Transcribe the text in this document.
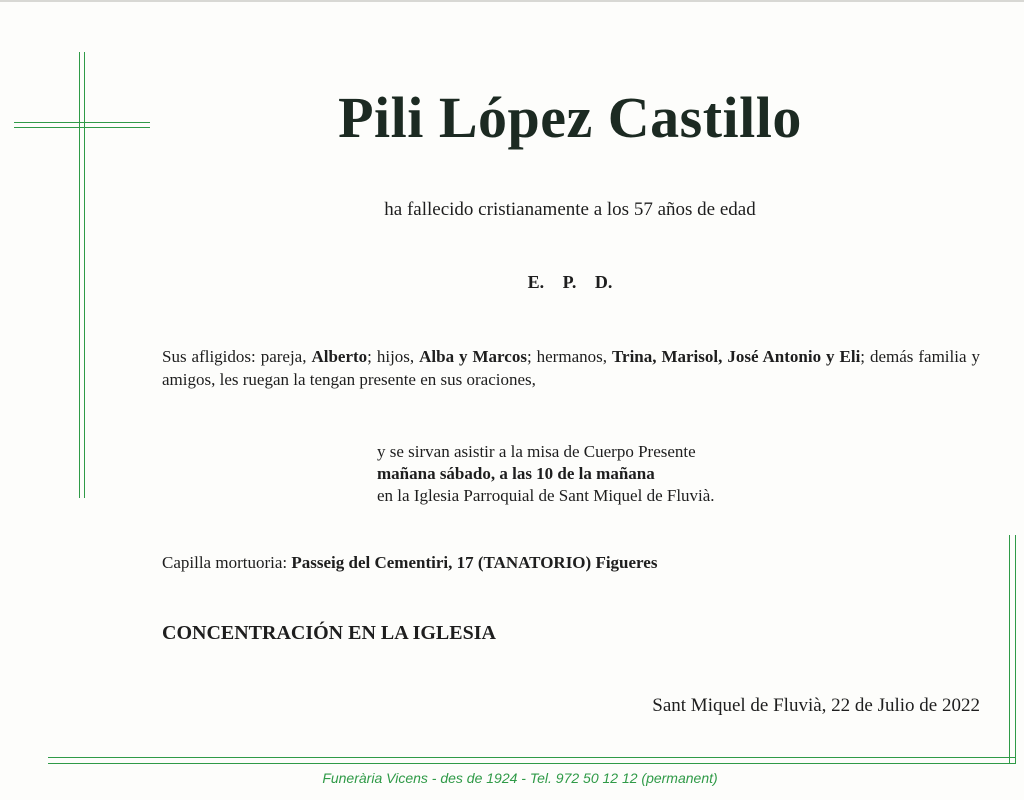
Pili López Castillo
ha fallecido cristianamente a los 57 años de edad
E. P. D.
Sus afligidos: pareja, Alberto; hijos, Alba y Marcos; hermanos, Trina, Marisol, José Antonio y Eli; demás familia y amigos, les ruegan la tengan presente en sus oraciones,
y se sirvan asistir a la misa de Cuerpo Presente
mañana sábado, a las 10 de la mañana
en la Iglesia Parroquial de Sant Miquel de Fluvià.
Capilla mortuoria: Passeig del Cementiri, 17 (TANATORIO) Figueres
CONCENTRACIÓN EN LA IGLESIA
Sant Miquel de Fluvià, 22 de Julio de 2022
Funerària Vicens - des de 1924 - Tel. 972 50 12 12 (permanent)
